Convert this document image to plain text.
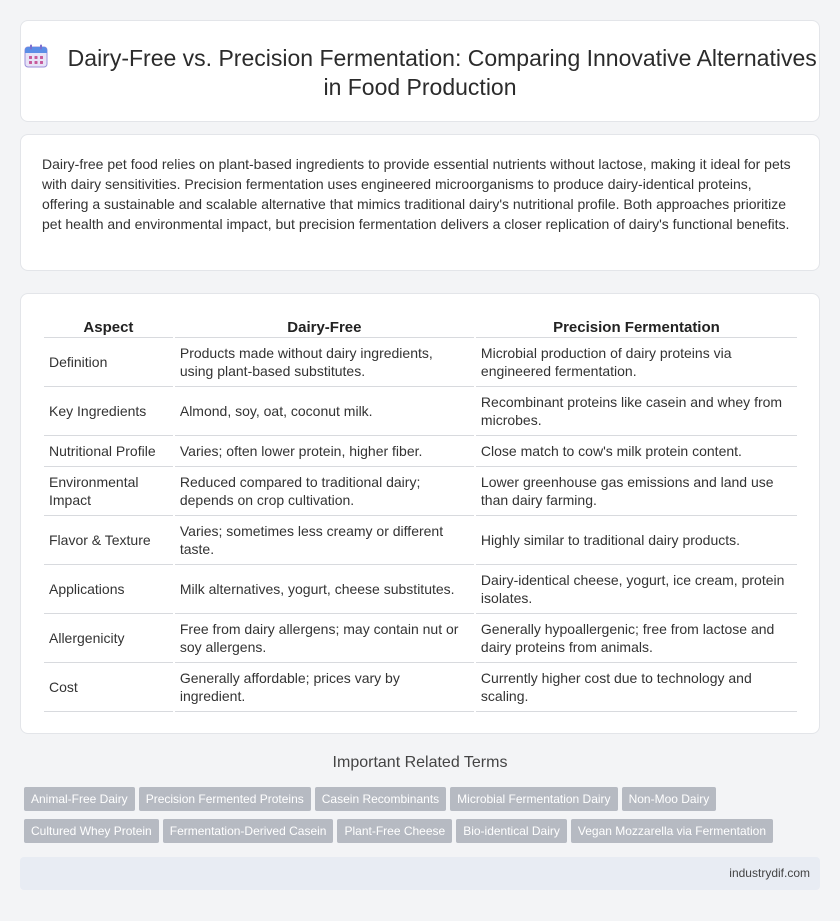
Dairy-Free vs. Precision Fermentation: Comparing Innovative Alternatives in Food Production

Dairy-free pet food relies on plant-based ingredients to provide essential nutrients without lactose, making it ideal for pets with dairy sensitivities. Precision fermentation uses engineered microorganisms to produce dairy-identical proteins, offering a sustainable and scalable alternative that mimics traditional dairy's nutritional profile. Both approaches prioritize pet health and environmental impact, but precision fermentation delivers a closer replication of dairy's functional benefits.

Aspect	Dairy-Free	Precision Fermentation
Definition	Products made without dairy ingredients, using plant-based substitutes.	Microbial production of dairy proteins via engineered fermentation.
Key Ingredients	Almond, soy, oat, coconut milk.	Recombinant proteins like casein and whey from microbes.
Nutritional Profile	Varies; often lower protein, higher fiber.	Close match to cow's milk protein content.
Environmental Impact	Reduced compared to traditional dairy; depends on crop cultivation.	Lower greenhouse gas emissions and land use than dairy farming.
Flavor & Texture	Varies; sometimes less creamy or different taste.	Highly similar to traditional dairy products.
Applications	Milk alternatives, yogurt, cheese substitutes.	Dairy-identical cheese, yogurt, ice cream, protein isolates.
Allergenicity	Free from dairy allergens; may contain nut or soy allergens.	Generally hypoallergenic; free from lactose and dairy proteins from animals.
Cost	Generally affordable; prices vary by ingredient.	Currently higher cost due to technology and scaling.
Important Related Terms
Animal-Free Dairy Precision Fermented Proteins Casein Recombinants Microbial Fermentation Dairy Non-Moo Dairy
Cultured Whey Protein Fermentation-Derived Casein Plant-Free Cheese Bio-identical Dairy Vegan Mozzarella via Fermentation
industrydif.com
